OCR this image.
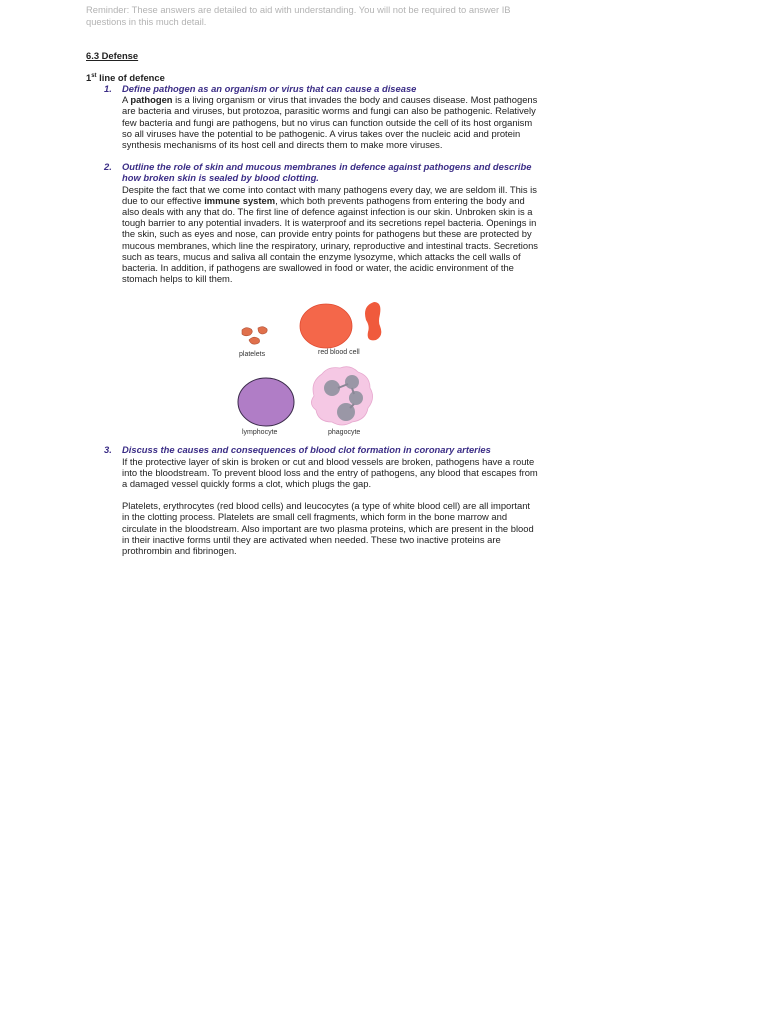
Reminder: These answers are detailed to aid with understanding. You will not be required to answer IB questions in this much detail.

6.3 Defense

1st line of defence

1.	Define pathogen as an organism or virus that can cause a disease

A pathogen is a living organism or virus that invades the body and causes disease. Most pathogens are bacteria and viruses, but protozoa, parasitic worms and fungi can also be pathogenic. Relatively few bacteria and fungi are pathogens, but no virus can function outside the cell of its host organism so all viruses have the potential to be pathogenic. A virus takes over the nucleic acid and protein synthesis mechanisms of its host cell and directs them to make more viruses.

2.	Outline the role of skin and mucous membranes in defence against pathogens and describe how broken skin is sealed by blood clotting.

Despite the fact that we come into contact with many pathogens every day, we are seldom ill. This is due to our effective immune system, which both prevents pathogens from entering the body and also deals with any that do. The first line of defence against infection is our skin. Unbroken skin is a tough barrier to any potential invaders. It is waterproof and its secretions repel bacteria. Openings in the skin, such as eyes and nose, can provide entry points for pathogens but these are protected by mucous membranes, which line the respiratory, urinary, reproductive and intestinal tracts. Secretions such as tears, mucus and saliva all contain the enzyme lysozyme, which attacks the cell walls of bacteria. In addition, if pathogens are swallowed in food or water, the acidic environment of the stomach helps to kill them.

platelets	red blood cell
lymphocyte	phagocyte
3.	Discuss the causes and consequences of blood clot formation in coronary arteries

If the protective layer of skin is broken or cut and blood vessels are broken, pathogens have a route into the bloodstream. To prevent blood loss and the entry of pathogens, any blood that escapes from a damaged vessel quickly forms a clot, which plugs the gap.

Platelets, erythrocytes (red blood cells) and leucocytes (a type of white blood cell) are all important in the clotting process. Platelets are small cell fragments, which form in the bone marrow and circulate in the bloodstream. Also important are two plasma proteins, which are present in the blood in their inactive forms until they are activated when needed. These two inactive proteins are prothrombin and fibrinogen.
